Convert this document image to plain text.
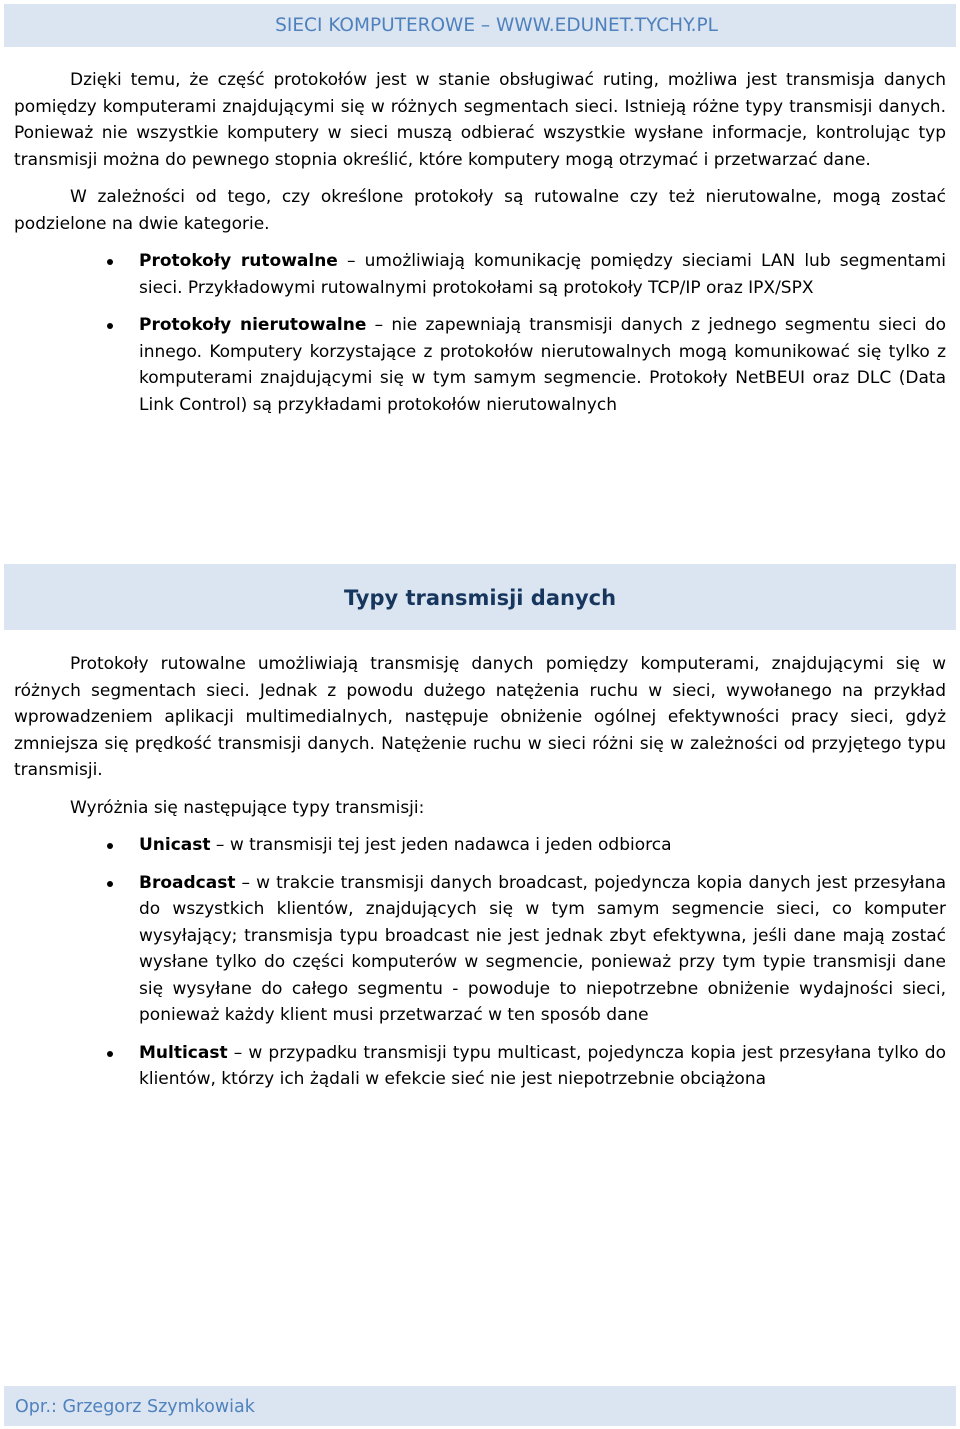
SIECI KOMPUTEROWE – WWW.EDUNET.TYCHY.PL

Dzięki temu, że część protokołów jest w stanie obsługiwać ruting, możliwa jest transmisja danych pomiędzy komputerami znajdującymi się w różnych segmentach sieci. Istnieją różne typy transmisji danych. Ponieważ nie wszystkie komputery w sieci muszą odbierać wszystkie wysłane informacje, kontrolując typ transmisji można do pewnego stopnia określić, które komputery mogą otrzymać i przetwarzać dane.

W zależności od tego, czy określone protokoły są rutowalne czy też nierutowalne, mogą zostać podzielone na dwie kategorie.

Protokoły rutowalne – umożliwiają komunikację pomiędzy sieciami LAN lub segmentami sieci. Przykładowymi rutowalnymi protokołami są protokoły TCP/IP oraz IPX/SPX
Protokoły nierutowalne – nie zapewniają transmisji danych z jednego segmentu sieci do innego. Komputery korzystające z protokołów nierutowalnych mogą komunikować się tylko z komputerami znajdującymi się w tym samym segmencie. Protokoły NetBEUI oraz DLC (Data Link Control) są przykładami protokołów nierutowalnych
Typy transmisji danych

Protokoły rutowalne umożliwiają transmisję danych pomiędzy komputerami, znajdującymi się w różnych segmentach sieci. Jednak z powodu dużego natężenia ruchu w sieci, wywołanego na przykład wprowadzeniem aplikacji multimedialnych, następuje obniżenie ogólnej efektywności pracy sieci, gdyż zmniejsza się prędkość transmisji danych. Natężenie ruchu w sieci różni się w zależności od przyjętego typu transmisji.

Wyróżnia się następujące typy transmisji:

Unicast – w transmisji tej jest jeden nadawca i jeden odbiorca
Broadcast – w trakcie transmisji danych broadcast, pojedyncza kopia danych jest przesyłana do wszystkich klientów, znajdujących się w tym samym segmencie sieci, co komputer wysyłający; transmisja typu broadcast nie jest jednak zbyt efektywna, jeśli dane mają zostać wysłane tylko do części komputerów w segmencie, ponieważ przy tym typie transmisji dane się wysyłane do całego segmentu - powoduje to niepotrzebne obniżenie wydajności sieci, ponieważ każdy klient musi przetwarzać w ten sposób dane
Multicast – w przypadku transmisji typu multicast, pojedyncza kopia jest przesyłana tylko do klientów, którzy ich żądali w efekcie sieć nie jest niepotrzebnie obciążona
Opr.: Grzegorz Szymkowiak
